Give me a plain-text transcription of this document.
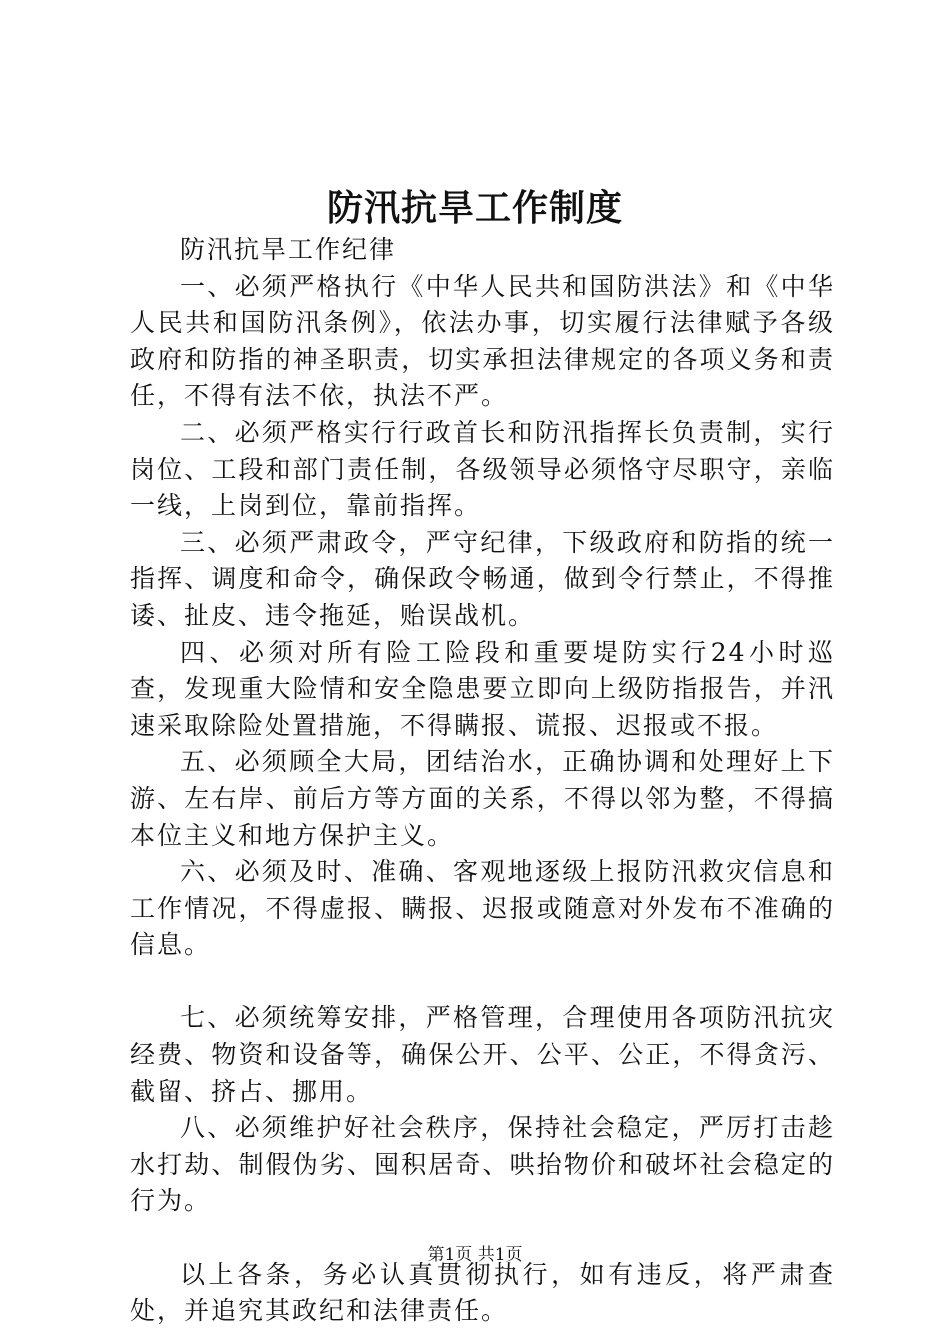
防汛抗旱工作制度

防汛抗旱工作纪律

一、必须严格执行《中华人民共和国防洪法》和《中华人民共和国防汛条例》，依法办事，切实履行法律赋予各级政府和防指的神圣职责，切实承担法律规定的各项义务和责任，不得有法不依，执法不严。

二、必须严格实行行政首长和防汛指挥长负责制，实行岗位、工段和部门责任制，各级领导必须恪守尽职守，亲临一线，上岗到位，靠前指挥。

三、必须严肃政令，严守纪律，下级政府和防指的统一指挥、调度和命令，确保政令畅通，做到令行禁止，不得推诿、扯皮、违令拖延，贻误战机。

四、必须对所有险工险段和重要堤防实行24小时巡查，发现重大险情和安全隐患要立即向上级防指报告，并汛速采取除险处置措施，不得瞒报、谎报、迟报或不报。

五、必须顾全大局，团结治水，正确协调和处理好上下游、左右岸、前后方等方面的关系，不得以邻为整，不得搞本位主义和地方保护主义。

六、必须及时、准确、客观地逐级上报防汛救灾信息和工作情况，不得虚报、瞒报、迟报或随意对外发布不准确的信息。

七、必须统筹安排，严格管理，合理使用各项防汛抗灾经费、物资和设备等，确保公开、公平、公正，不得贪污、截留、挤占、挪用。

八、必须维护好社会秩序，保持社会稳定，严厉打击趁水打劫、制假伪劣、囤积居奇、哄抬物价和破坏社会稳定的行为。

以上各条，务必认真贯彻执行，如有违反，将严肃查处，并追究其政纪和法律责任。

第1页 共1页
